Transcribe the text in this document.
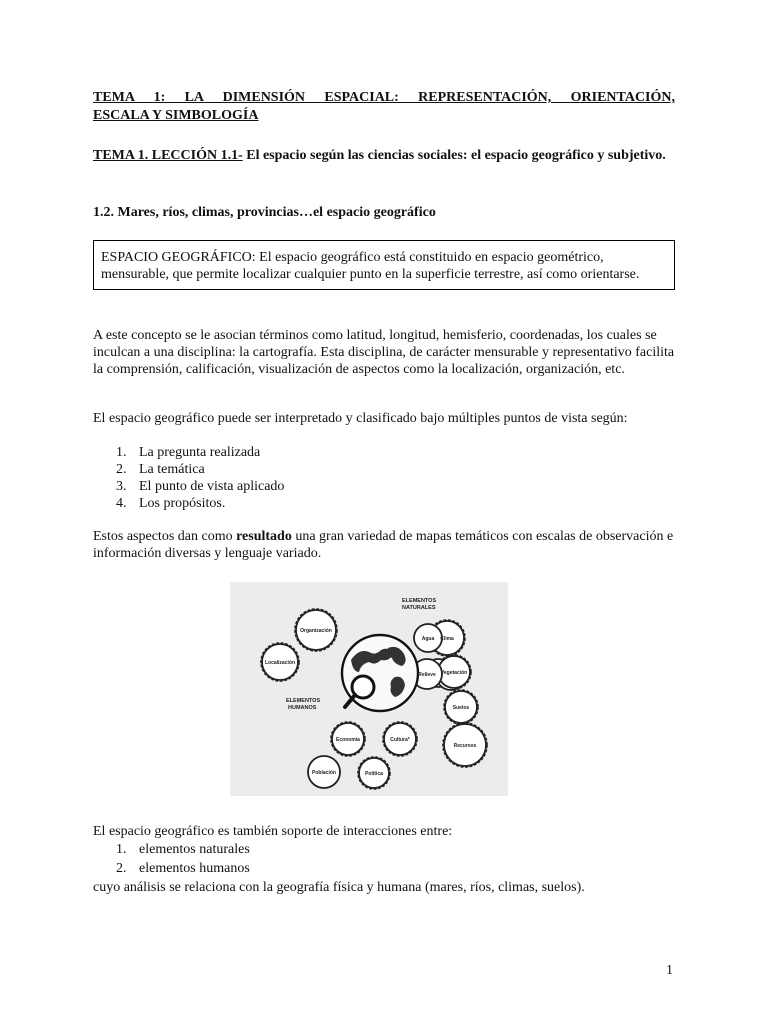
TEMA 1: LA DIMENSIÓN ESPACIAL: REPRESENTACIÓN, ORIENTACIÓN,
ESCALA Y SIMBOLOGÍA

TEMA 1. LECCIÓN 1.1- El espacio según las ciencias sociales: el espacio geográfico y subjetivo.

1.2. Mares, ríos, climas, provincias…el espacio geográfico

ESPACIO GEOGRÁFICO: El espacio geográfico está constituido en espacio geométrico, mensurable, que permite localizar cualquier punto en la superficie terrestre, así como orientarse.

A este concepto se le asocian términos como latitud, longitud, hemisferio, coordenadas, los cuales se inculcan a una disciplina: la cartografía. Esta disciplina, de carácter mensurable y representativo facilita la comprensión, calificación, visualización de aspectos como la localización, organización, etc.

El espacio geográfico puede ser interpretado y clasificado bajo múltiples puntos de vista según:

1. La pregunta realizada
2. La temática
3. El punto de vista aplicado
4. Los propósitos.

Estos aspectos dan como resultado una gran variedad de mapas temáticos con escalas de observación e información diversas y lenguaje variado.

ELEMENTOS
NATURALES
ELEMENTOS
HUMANOS
Organización
Localización
Clima
Vegetación
Suelos
Agua
Relieve
Economía	Cultura*
Recursos
Población	Política

El espacio geográfico es también soporte de interacciones entre:

1. elementos naturales
2. elementos humanos

cuyo análisis se relaciona con la geografía física y humana (mares, ríos, climas, suelos).

1
